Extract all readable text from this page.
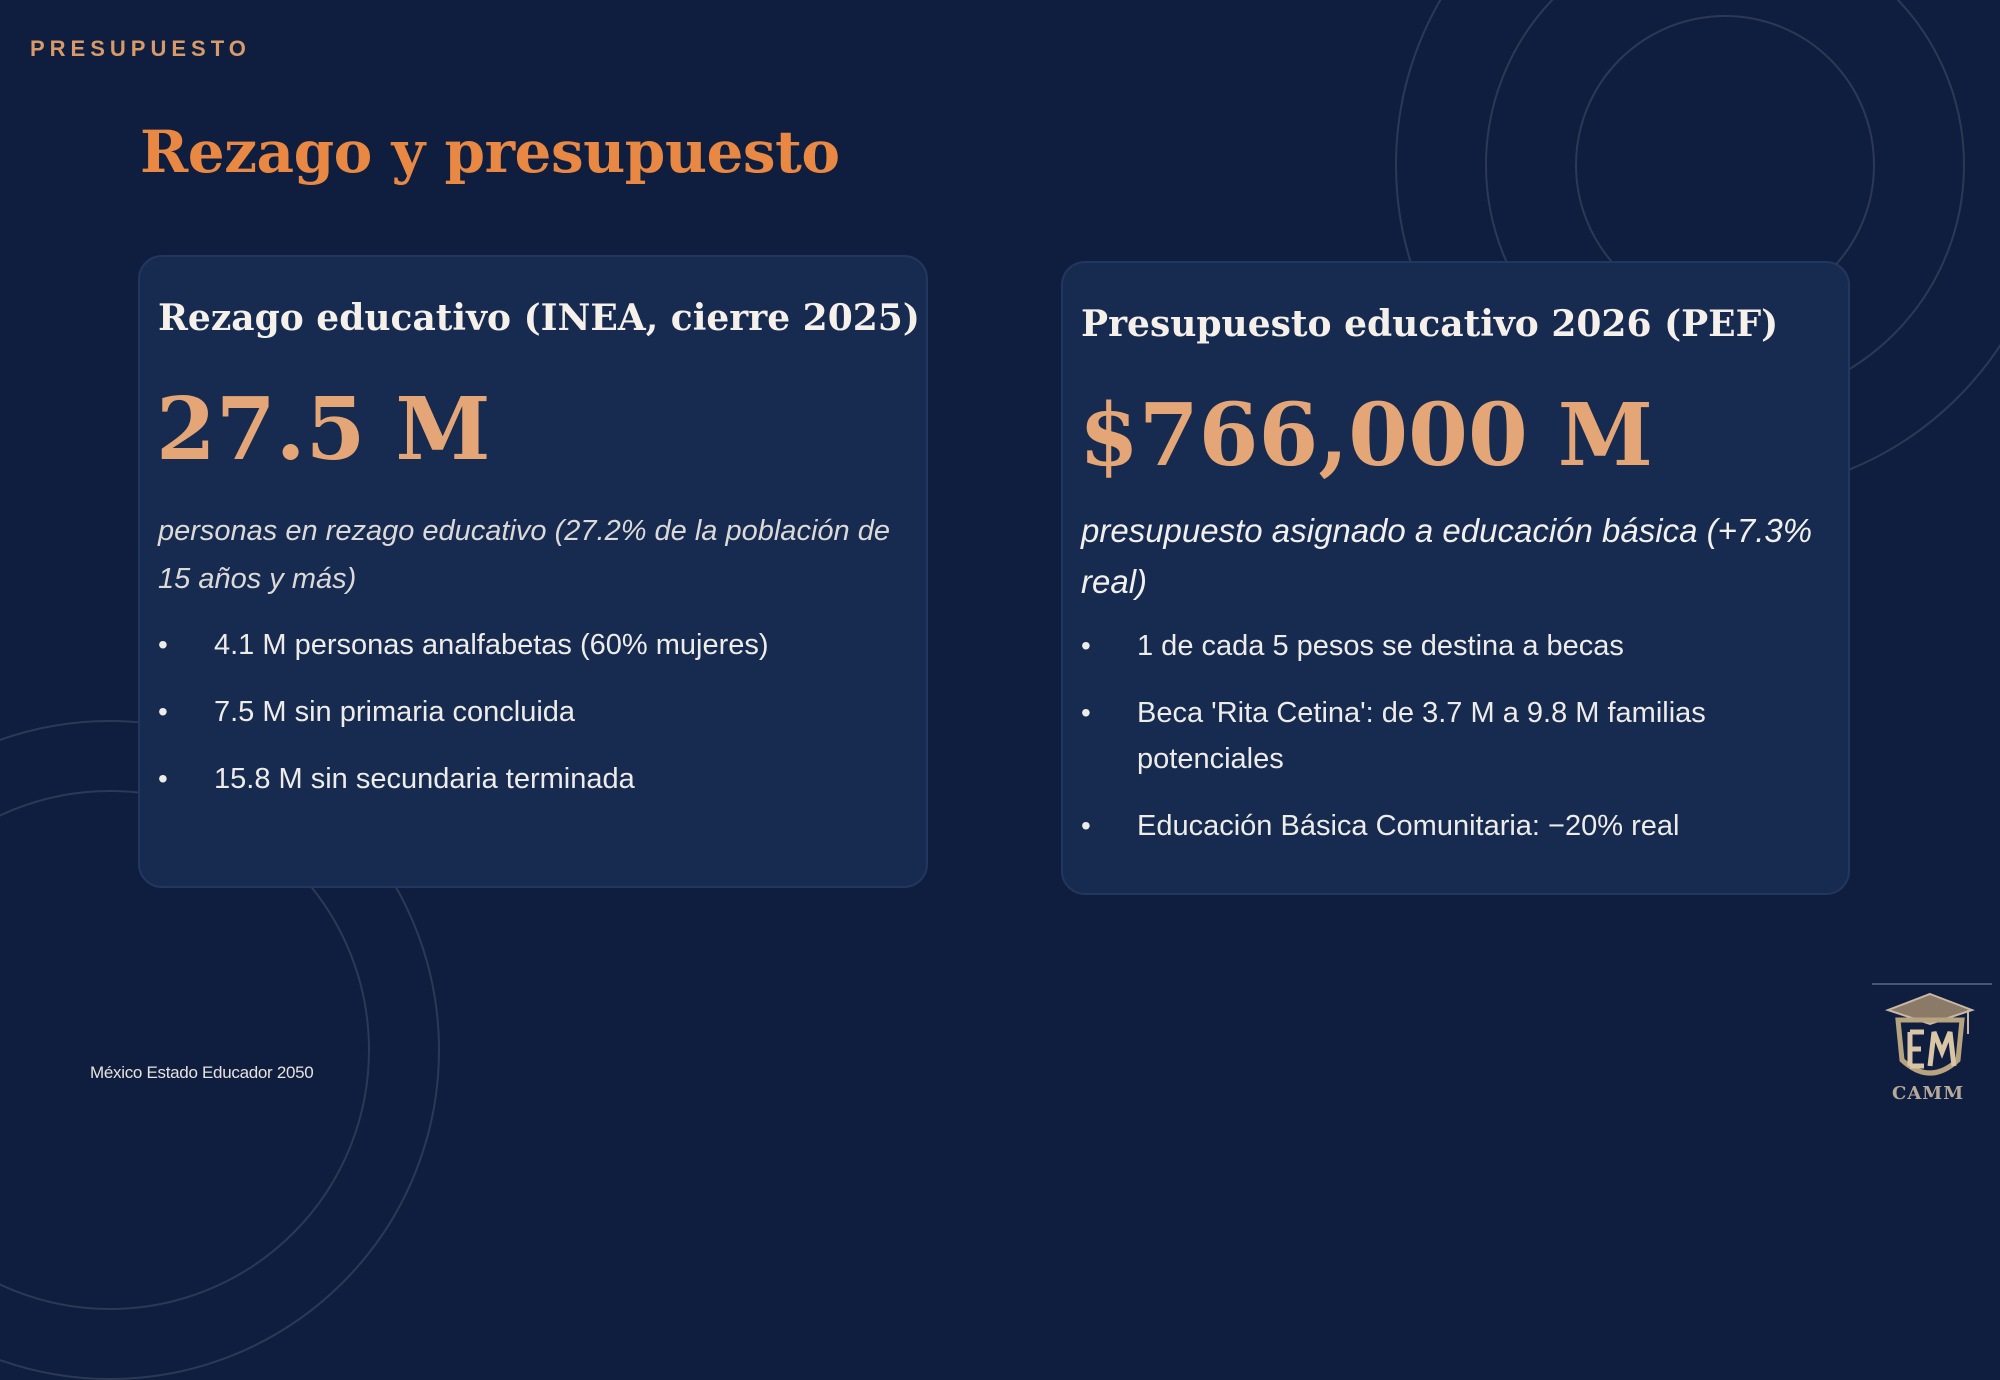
PRESUPUESTO
Rezago y presupuesto
Rezago educativo (INEA, cierre 2025)
27.5 M
personas en rezago educativo (27.2% de la población de 15 años y más)
• 4.1 M personas analfabetas (60% mujeres)
• 7.5 M sin primaria concluida
• 15.8 M sin secundaria terminada
Presupuesto educativo 2026 (PEF)
$766,000 M
presupuesto asignado a educación básica (+7.3% real)
• 1 de cada 5 pesos se destina a becas
• Beca 'Rita Cetina': de 3.7 M a 9.8 M familias potenciales
• Educación Básica Comunitaria: −20% real
México Estado Educador 2050
CAMM
